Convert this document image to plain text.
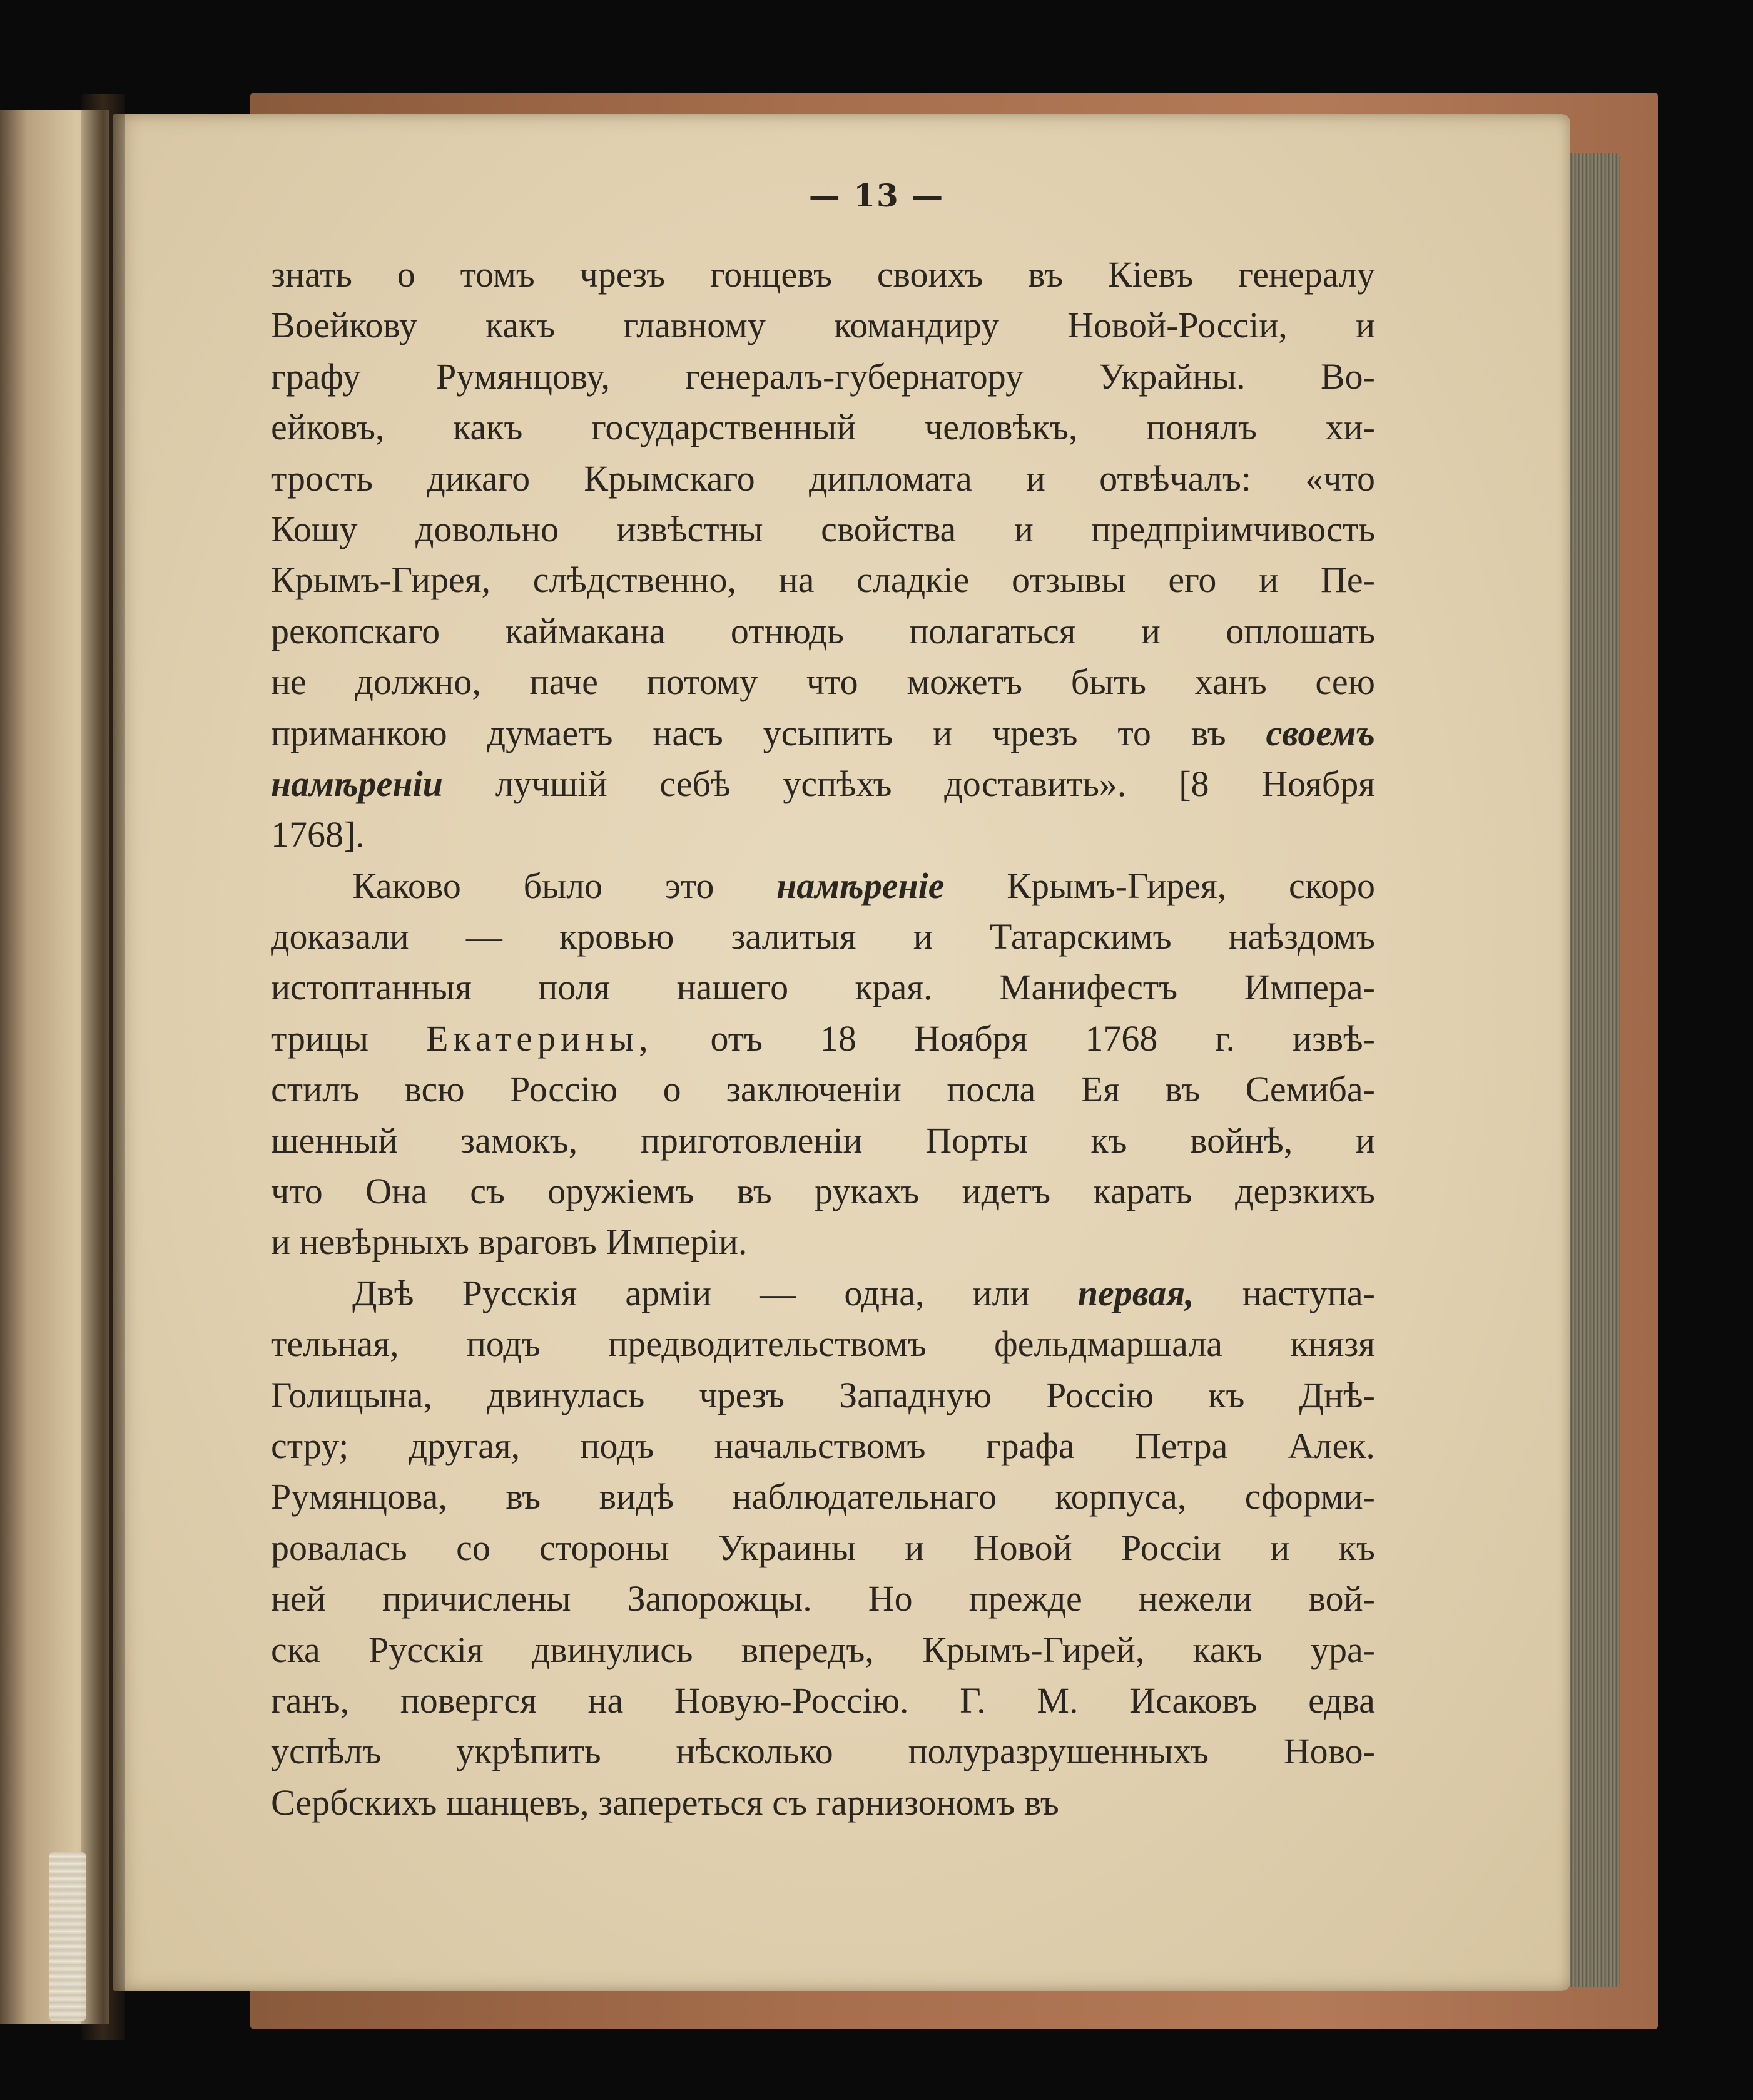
— 13 —
знать о томъ чрезъ гонцевъ своихъ въ Кіевъ генералу
Воейкову какъ главному командиру Новой-Россіи, и
графу Румянцову, генералъ-губернатору Украйны. Во-
ейковъ, какъ государственный человѣкъ, понялъ хи-
трость дикаго Крымскаго дипломата и отвѣчалъ: «что
Кошу довольно извѣстны свойства и предпріимчивость
Крымъ-Гирея, слѣдственно, на сладкіе отзывы его и Пе-
рекопскаго каймакана отнюдь полагаться и оплошать
не должно, паче потому что можетъ быть ханъ сею
приманкою думаетъ насъ усыпить и чрезъ то въ своемъ
намѣреніи лучшій себѣ успѣхъ доставить». [8 Ноября
1768].
Каково было это намѣреніе Крымъ-Гирея, скоро
доказали — кровью залитыя и Татарскимъ наѣздомъ
истоптанныя поля нашего края. Манифестъ Импера-
трицы Екатерины, отъ 18 Ноября 1768 г. извѣ-
стилъ всю Россію о заключеніи посла Ея въ Семиба-
шенный замокъ, приготовленіи Порты къ войнѣ, и
что Она съ оружіемъ въ рукахъ идетъ карать дерзкихъ
и невѣрныхъ враговъ Имперіи.
Двѣ Русскія арміи — одна, или первая, наступа-
тельная, подъ предводительствомъ фельдмаршала князя
Голицына, двинулась чрезъ Западную Россію къ Днѣ-
стру; другая, подъ начальствомъ графа Петра Алек.
Румянцова, въ видѣ наблюдательнаго корпуса, сформи-
ровалась со стороны Украины и Новой Россіи и къ
ней причислены Запорожцы. Но прежде нежели вой-
ска Русскія двинулись впередъ, Крымъ-Гирей, какъ ура-
ганъ, повергся на Новую-Россію. Г. М. Исаковъ едва
успѣлъ укрѣпить нѣсколько полуразрушенныхъ Ново-
Сербскихъ шанцевъ, запереться съ гарнизономъ въ
